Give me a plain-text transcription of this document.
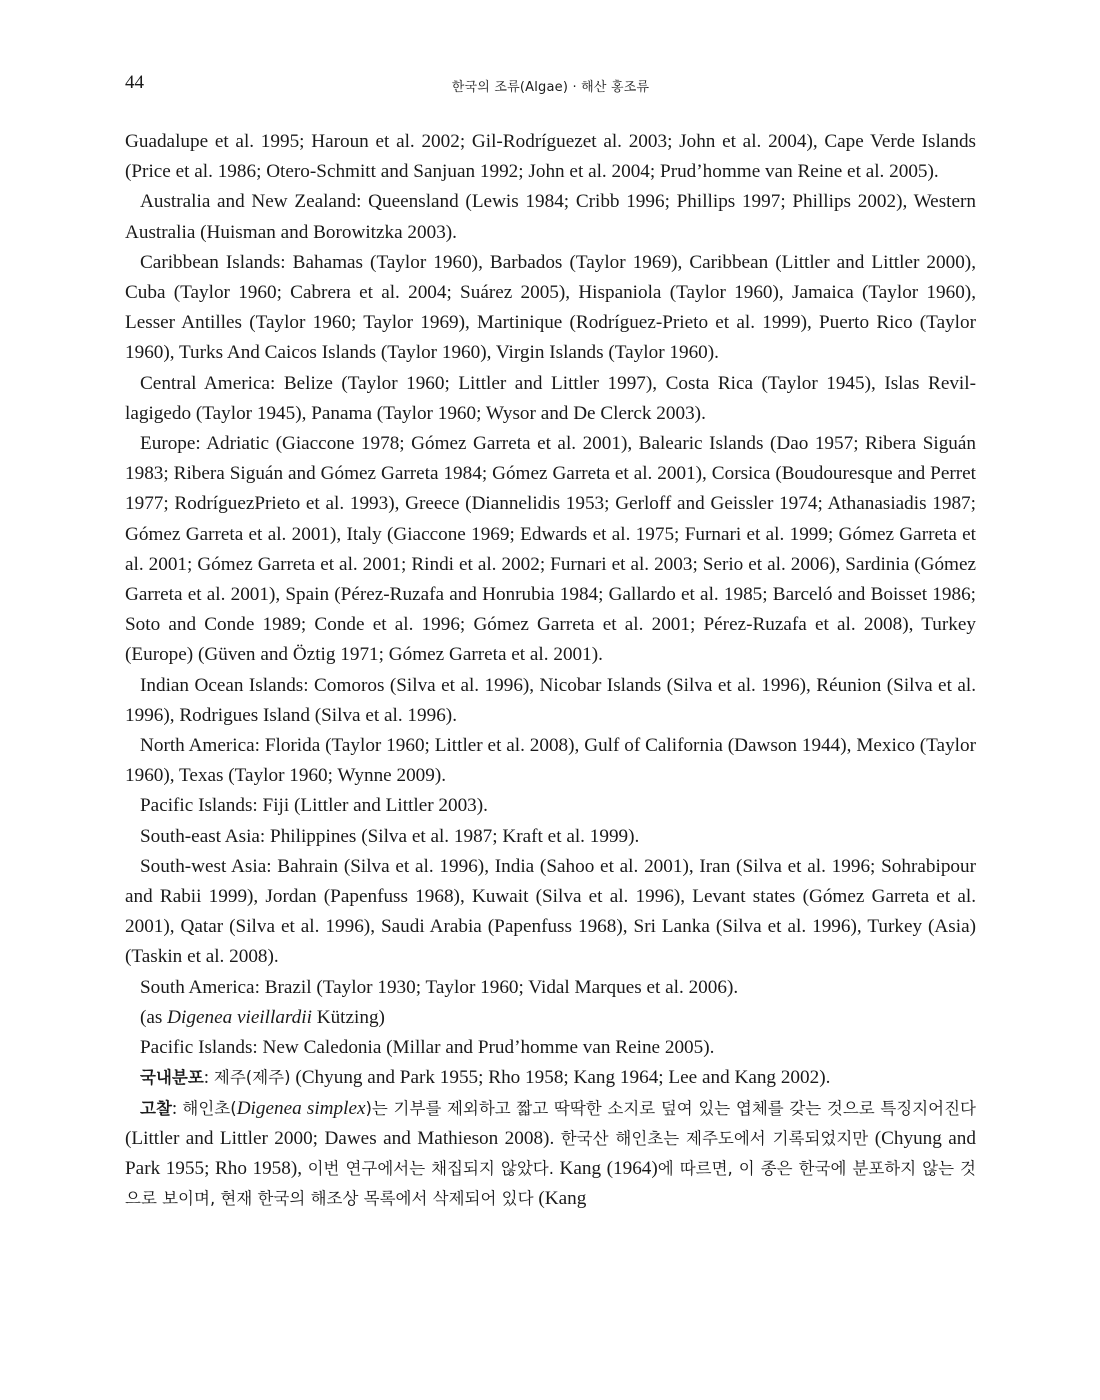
44	한국의 조류(Algae) · 해산 홍조류

Guadalupe et al. 1995; Haroun et al. 2002; Gil-Rodríguezet al. 2003; John et al. 2004), Cape Verde Islands (Price et al. 1986; Otero-Schmitt and Sanjuan 1992; John et al. 2004; Prud’homme van Reine et al. 2005).

Australia and New Zealand: Queensland (Lewis 1984; Cribb 1996; Phillips 1997; Phillips 2002), Western Australia (Huisman and Borowitzka 2003).

Caribbean Islands: Bahamas (Taylor 1960), Barbados (Taylor 1969), Caribbean (Littler and Littler 2000), Cuba (Taylor 1960; Cabrera et al. 2004; Suárez 2005), Hispaniola (Taylor 1960), Jamaica (Taylor 1960), Lesser Antilles (Taylor 1960; Taylor 1969), Martinique (Rodríguez-Prieto et al. 1999), Puerto Rico (Taylor 1960), Turks And Caicos Islands (Taylor 1960), Virgin Islands (Taylor 1960).

Central America: Belize (Taylor 1960; Littler and Littler 1997), Costa Rica (Taylor 1945), Islas Revillagigedo (Taylor 1945), Panama (Taylor 1960; Wysor and De Clerck 2003).

Europe: Adriatic (Giaccone 1978; Gómez Garreta et al. 2001), Balearic Islands (Dao 1957; Ribera Siguán 1983; Ribera Siguán and Gómez Garreta 1984; Gómez Garreta et al. 2001), Corsica (Boudouresque and Perret 1977; RodríguezPrieto et al. 1993), Greece (Diannelidis 1953; Gerloff and Geissler 1974; Athanasiadis 1987; Gómez Garreta et al. 2001), Italy (Giaccone 1969; Edwards et al. 1975; Furnari et al. 1999; Gómez Garreta et al. 2001; Gómez Garreta et al. 2001; Rindi et al. 2002; Furnari et al. 2003; Serio et al. 2006), Sardinia (Gómez Garreta et al. 2001), Spain (Pérez-Ruzafa and Honrubia 1984; Gallardo et al. 1985; Barceló and Boisset 1986; Soto and Conde 1989; Conde et al. 1996; Gómez Garreta et al. 2001; Pérez-Ruzafa et al. 2008), Turkey (Europe) (Güven and Öztig 1971; Gómez Garreta et al. 2001).

Indian Ocean Islands: Comoros (Silva et al. 1996), Nicobar Islands (Silva et al. 1996), Réunion (Silva et al. 1996), Rodrigues Island (Silva et al. 1996).

North America: Florida (Taylor 1960; Littler et al. 2008), Gulf of California (Dawson 1944), Mexico (Taylor 1960), Texas (Taylor 1960; Wynne 2009).

Pacific Islands: Fiji (Littler and Littler 2003).

South-east Asia: Philippines (Silva et al. 1987; Kraft et al. 1999).

South-west Asia: Bahrain (Silva et al. 1996), India (Sahoo et al. 2001), Iran (Silva et al. 1996; Sohrabipour and Rabii 1999), Jordan (Papenfuss 1968), Kuwait (Silva et al. 1996), Levant states (Gómez Garreta et al. 2001), Qatar (Silva et al. 1996), Saudi Arabia (Papenfuss 1968), Sri Lanka (Silva et al. 1996), Turkey (Asia) (Taskin et al. 2008).

South America: Brazil (Taylor 1930; Taylor 1960; Vidal Marques et al. 2006).

(as Digenea vieillardii Kützing)

Pacific Islands: New Caledonia (Millar and Prud’homme van Reine 2005).

국내분포: 제주(제주) (Chyung and Park 1955; Rho 1958; Kang 1964; Lee and Kang 2002).

고찰: 해인초(Digenea simplex)는 기부를 제외하고 짧고 딱딱한 소지로 덮여 있는 엽체를 갖는 것으로 특징지어진다 (Littler and Littler 2000; Dawes and Mathieson 2008). 한국산 해인초는 제주도에서 기록되었지만 (Chyung and Park 1955; Rho 1958), 이번 연구에서는 채집되지 않았다. Kang (1964)에 따르면, 이 종은 한국에 분포하지 않는 것으로 보이며, 현재 한국의 해조상 목록에서 삭제되어 있다 (Kang
